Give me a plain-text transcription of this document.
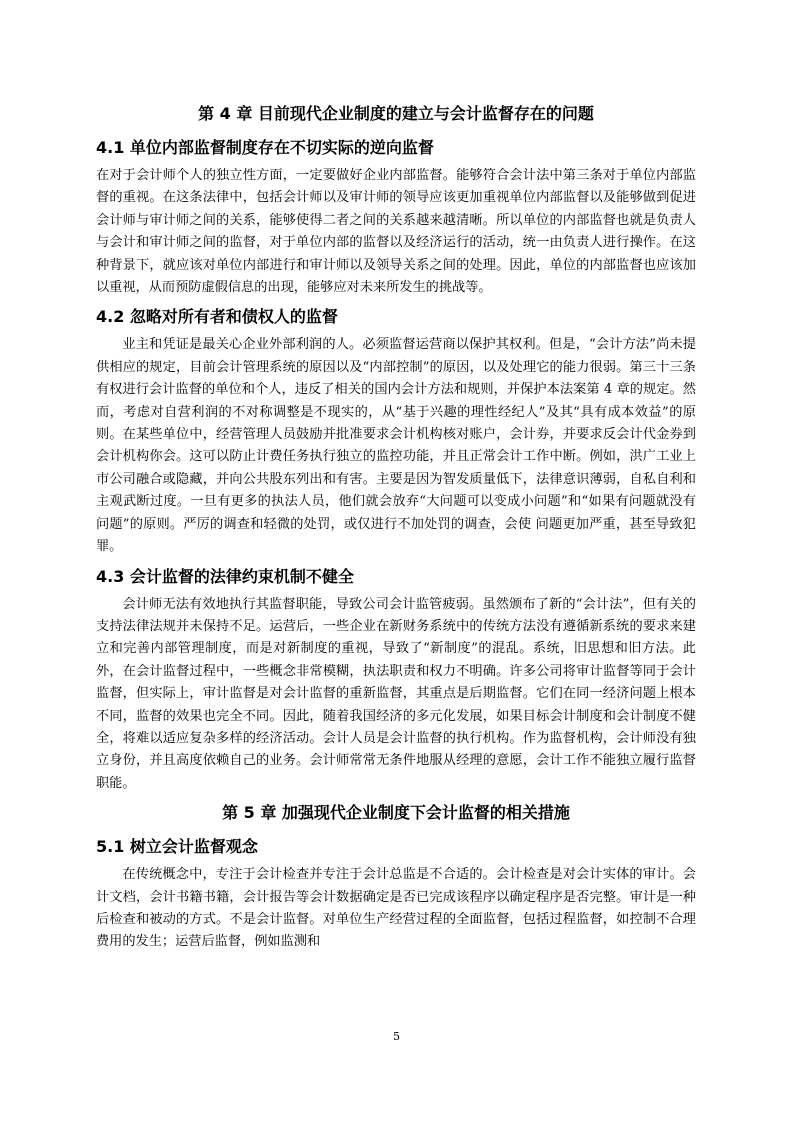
第 4 章 目前现代企业制度的建立与会计监督存在的问题
4.1 单位内部监督制度存在不切实际的逆向监督

在对于会计师个人的独立性方面，一定要做好企业内部监督。能够符合会计法中第三条对于单位内部监督的重视。在这条法律中，包括会计师以及审计师的领导应该更加重视单位内部监督以及能够做到促进会计师与审计师之间的关系，能够使得二者之间的关系越来越清晰。所以单位的内部监督也就是负责人与会计和审计师之间的监督，对于单位内部的监督以及经济运行的活动，统一由负责人进行操作。在这种背景下，就应该对单位内部进行和审计师以及领导关系之间的处理。因此，单位的内部监督也应该加以重视，从而预防虚假信息的出现，能够应对未来所发生的挑战等。

4.2 忽略对所有者和债权人的监督

业主和凭证是最关心企业外部利润的人。必须监督运营商以保护其权利。但是，“会计方法”尚未提供相应的规定，目前会计管理系统的原因以及“内部控制”的原因，以及处理它的能力很弱。第三十三条有权进行会计监督的单位和个人，违反了相关的国内会计方法和规则，并保护本法案第 4 章的规定。然而，考虑对自营利润的不对称调整是不现实的，从“基于兴趣的理性经纪人”及其“具有成本效益”的原则。在某些单位中，经营管理人员鼓励并批准要求会计机构核对账户，会计券，并要求反会计代金券到会计机构你会。这可以防止计费任务执行独立的监控功能，并且正常会计工作中断。例如，洪广工业上市公司融合或隐藏，并向公共股东列出和有害。主要是因为智发质量低下，法律意识薄弱，自私自利和主观武断过度。一旦有更多的执法人员，他们就会放弃“大问题可以变成小问题”和“如果有问题就没有问题”的原则。严厉的调查和轻微的处罚，或仅进行不加处罚的调查，会使 问题更加严重，甚至导致犯罪。

4.3 会计监督的法律约束机制不健全

会计师无法有效地执行其监督职能，导致公司会计监管疲弱。虽然颁布了新的“会计法”，但有关的支持法律法规并未保持不足。运营后，一些企业在新财务系统中的传统方法没有遵循新系统的要求来建立和完善内部管理制度，而是对新制度的重视，导致了“新制度”的混乱。系统，旧思想和旧方法。此外，在会计监督过程中，一些概念非常模糊，执法职责和权力不明确。许多公司将审计监督等同于会计监督，但实际上，审计监督是对会计监督的重新监督，其重点是后期监督。它们在同一经济问题上根本不同，监督的效果也完全不同。因此，随着我国经济的多元化发展，如果目标会计制度和会计制度不健全，将难以适应复杂多样的经济活动。会计人员是会计监督的执行机构。作为监督机构，会计师没有独立身份，并且高度依赖自己的业务。会计师常常无条件地服从经理的意愿，会计工作不能独立履行监督职能。

第 5 章 加强现代企业制度下会计监督的相关措施
5.1 树立会计监督观念

在传统概念中，专注于会计检查并专注于会计总监是不合适的。会计检查是对会计实体的审计。会计文档，会计书籍书籍，会计报告等会计数据确定是否已完成该程序以确定程序是否完整。审计是一种后检查和被动的方式。不是会计监督。对单位生产经营过程的全面监督，包括过程监督，如控制不合理费用的发生；运营后监督，例如监测和

5
